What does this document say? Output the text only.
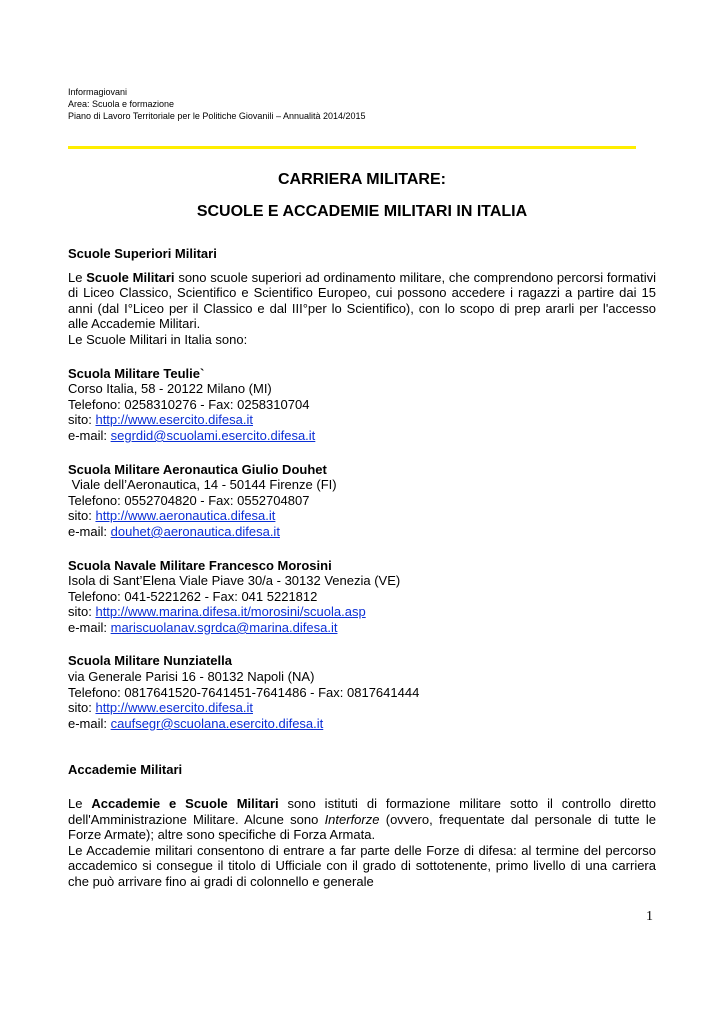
Informagiovani
Area: Scuola e formazione
Piano di Lavoro Territoriale per le Politiche Giovanili – Annualità 2014/2015
CARRIERA MILITARE:
SCUOLE E ACCADEMIE MILITARI IN ITALIA
Scuole Superiori Militari

Le Scuole Militari sono scuole superiori ad ordinamento militare, che comprendono percorsi formativi di Liceo Classico, Scientifico e Scientifico Europeo, cui possono accedere i ragazzi a partire dai 15 anni (dal I°Liceo per il Classico e dal III°per lo Scientifico), con lo scopo di prep ararli per l'accesso alle Accademie Militari.

Le Scuole Militari in Italia sono:

Scuola Militare Teulie`

Corso Italia, 58 - 20122 Milano (MI)

Telefono: 0258310276 - Fax: 0258310704

sito: http://www.esercito.difesa.it

e-mail: segrdid@scuolami.esercito.difesa.it

Scuola Militare Aeronautica Giulio Douhet

Viale dell’Aeronautica, 14 - 50144 Firenze (FI)

Telefono: 0552704820 - Fax: 0552704807

sito: http://www.aeronautica.difesa.it

e-mail: douhet@aeronautica.difesa.it

Scuola Navale Militare Francesco Morosini

Isola di Sant’Elena Viale Piave 30/a - 30132 Venezia (VE)

Telefono: 041-5221262 - Fax: 041 5221812

sito: http://www.marina.difesa.it/morosini/scuola.asp

e-mail: mariscuolanav.sgrdca@marina.difesa.it

Scuola Militare Nunziatella

via Generale Parisi 16 - 80132 Napoli (NA)

Telefono: 0817641520-7641451-7641486 - Fax: 0817641444

sito: http://www.esercito.difesa.it

e-mail: caufsegr@scuolana.esercito.difesa.it

Accademie Militari

Le Accademie e Scuole Militari sono istituti di formazione militare sotto il controllo diretto dell'Amministrazione Militare. Alcune sono Interforze (ovvero, frequentate dal personale di tutte le Forze Armate); altre sono specifiche di Forza Armata.

Le Accademie militari consentono di entrare a far parte delle Forze di difesa: al termine del percorso accademico si consegue il titolo di Ufficiale con il grado di sottotenente, primo livello di una carriera che può arrivare fino ai gradi di colonnello e generale

1
